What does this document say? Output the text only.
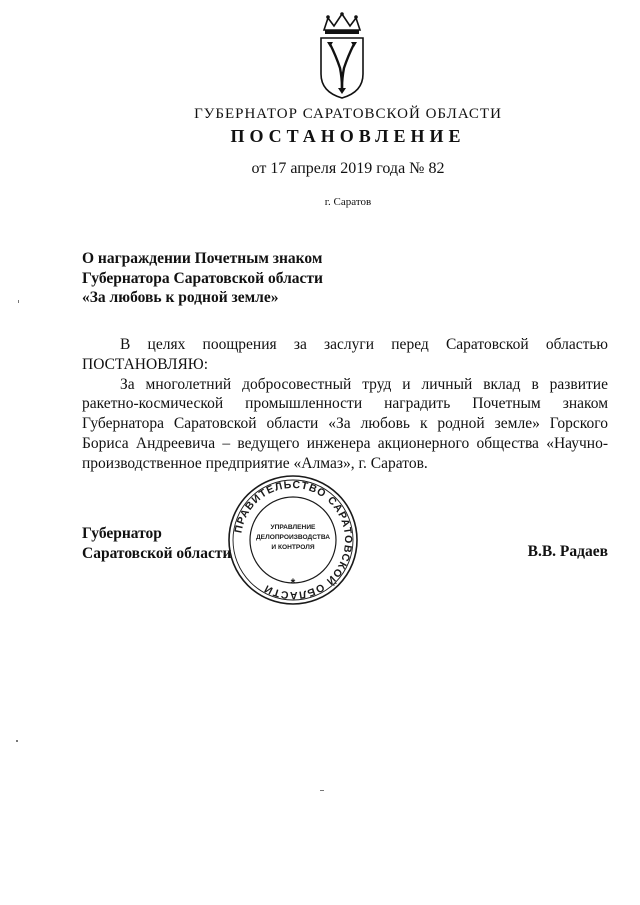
ГУБЕРНАТОР САРАТОВСКОЙ ОБЛАСТИ
ПОСТАНОВЛЕНИЕ
от 17 апреля 2019 года № 82
г. Саратов
О награждении Почетным знаком
Губернатора Саратовской области
«За любовь к родной земле»

В целях поощрения за заслуги перед Саратовской областью

ПОСТАНОВЛЯЮ:

За многолетний добросовестный труд и личный вклад в развитие ракетно-космической промышленности наградить Почетным знаком Губернатора Саратовской области «За любовь к родной земле» Горского Бориса Андреевича – ведущего инженера акционерного общества «Научно-производственное предприятие «Алмаз», г. Саратов.

Губернатор
Саратовской области	В.В. Радаев
ПРАВИТЕЛЬСТВО САРАТОВСКОЙ ОБЛАСТИ
УПРАВЛЕНИЕ
ДЕЛОПРОИЗВОДСТВА
И КОНТРОЛЯ
*
